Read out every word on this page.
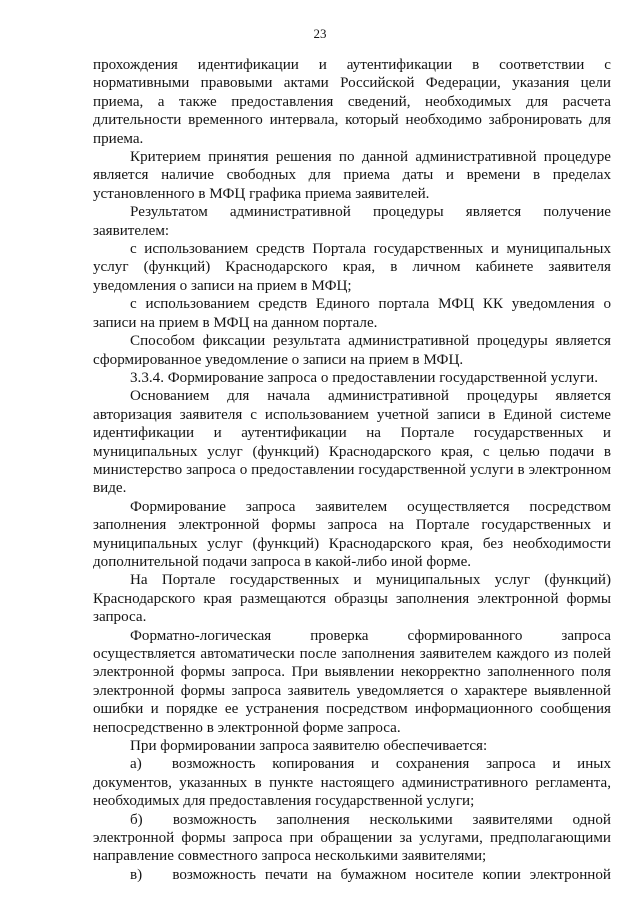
23

прохождения идентификации и аутентификации в соответствии с нормативными правовыми актами Российской Федерации, указания цели приема, а также предоставления сведений, необходимых для расчета длительности временного интервала, который необходимо забронировать для приема.

Критерием принятия решения по данной административной процедуре является наличие свободных для приема даты и времени в пределах установленного в МФЦ графика приема заявителей.

Результатом административной процедуры является получение заявителем:

с использованием средств Портала государственных и муниципальных услуг (функций) Краснодарского края, в личном кабинете заявителя уведомления о записи на прием в МФЦ;

с использованием средств Единого портала МФЦ КК уведомления о записи на прием в МФЦ на данном портале.

Способом фиксации результата административной процедуры является сформированное уведомление о записи на прием в МФЦ.

3.3.4. Формирование запроса о предоставлении государственной услуги.

Основанием для начала административной процедуры является авторизация заявителя с использованием учетной записи в Единой системе идентификации и аутентификации на Портале государственных и муниципальных услуг (функций) Краснодарского края, с целью подачи в министерство запроса о предоставлении государственной услуги в электронном виде.

Формирование запроса заявителем осуществляется посредством заполнения электронной формы запроса на Портале государственных и муниципальных услуг (функций) Краснодарского края, без необходимости дополнительной подачи запроса в какой-либо иной форме.

На Портале государственных и муниципальных услуг (функций) Краснодарского края размещаются образцы заполнения электронной формы запроса.

Форматно-логическая проверка сформированного запроса осуществляется автоматически после заполнения заявителем каждого из полей электронной формы запроса. При выявлении некорректно заполненного поля электронной формы запроса заявитель уведомляется о характере выявленной ошибки и порядке ее устранения посредством информационного сообщения непосредственно в электронной форме запроса.

При формировании запроса заявителю обеспечивается:

а)  возможность копирования и сохранения запроса и иных документов, указанных в пункте настоящего административного регламента, необходимых для предоставления государственной услуги;

б)  возможность заполнения несколькими заявителями одной электронной формы запроса при обращении за услугами, предполагающими направление совместного запроса несколькими заявителями;

в)  возможность печати на бумажном носителе копии электронной
